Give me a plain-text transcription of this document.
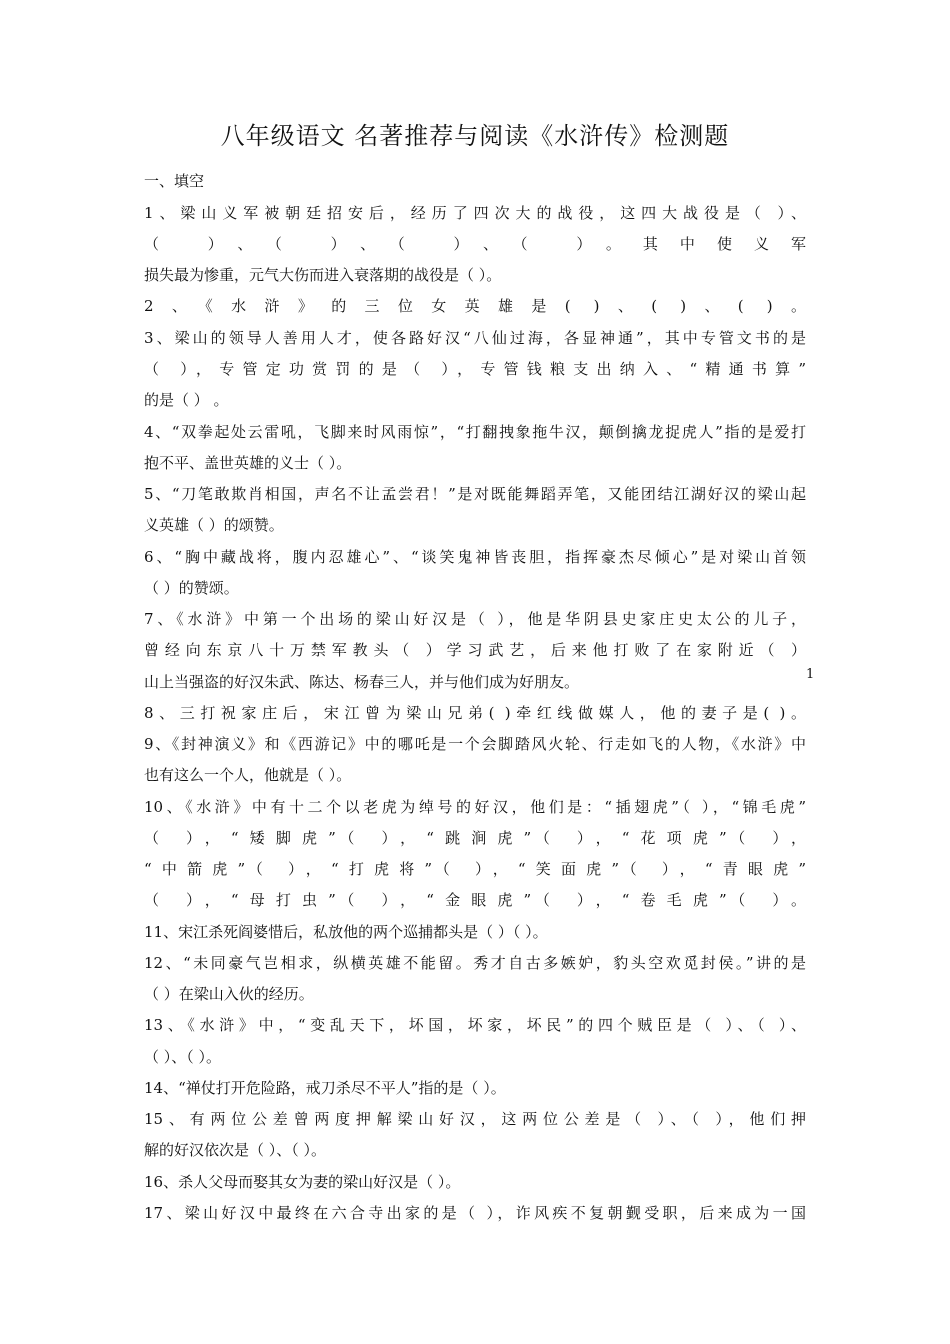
八年级语文 名著推荐与阅读《水浒传》检测题
一、填空
1、梁山义军被朝廷招安后，经历了四次大的战役，这四大战役是（ ）、
（ ）、（ ）、（ ）、（ ）。其中使义军
损失最为惨重，元气大伤而进入衰落期的战役是（ ）。
2、《水浒》的三位女英雄是( )、( )、( )。
3、梁山的领导人善用人才，使各路好汉“八仙过海，各显神通”，其中专管文书的是
（ ），专管定功赏罚的是（ ），专管钱粮支出纳入、“精通书算”
的是（ ） 。
4、“双拳起处云雷吼，飞脚来时风雨惊”，“打翻拽象拖牛汉，颠倒擒龙捉虎人”指的是爱打
抱不平、盖世英雄的义士（ ）。
5、“刀笔敢欺肖相国，声名不让孟尝君！”是对既能舞蹈弄笔，又能团结江湖好汉的梁山起
义英雄（ ）的颂赞。
6、“胸中藏战将，腹内忍雄心”、“谈笑鬼神皆丧胆，指挥豪杰尽倾心”是对梁山首领
（ ）的赞颂。
7、《水浒》中第一个出场的梁山好汉是（ ），他是华阴县史家庄史太公的儿子，
曾经向东京八十万禁军教头（ ）学习武艺，后来他打败了在家附近（ ）
山上当强盗的好汉朱武、陈达、杨春三人，并与他们成为好朋友。	1
8、三打祝家庄后，宋江曾为梁山兄弟( )牵红线做媒人，他的妻子是( )。
9、《封神演义》和《西游记》中的哪吒是一个会脚踏风火轮、行走如飞的人物，《水浒》中
也有这么一个人，他就是（ ）。
10、《水浒》中有十二个以老虎为绰号的好汉，他们是：“插翅虎”（ ），“锦毛虎”
（ ），“矮脚虎”（ ），“跳涧虎”（ ），“花项虎”（ ），
“中箭虎”（ ），“打虎将”（ ），“笑面虎”（ ），“青眼虎”
（ ），“母打虫”（ ），“金眼虎”（ ），“卷毛虎”（ ）。
11、宋江杀死阎婆惜后，私放他的两个巡捕都头是（ ）（ ）。
12、“未同豪气岂相求，纵横英雄不能留。秀才自古多嫉妒，豹头空欢觅封侯。”讲的是
（ ）在梁山入伙的经历。
13、《水浒》中，“变乱天下，坏国，坏家，坏民”的四个贼臣是（ ）、（ ）、
（ ）、（ ）。
14、“禅仗打开危险路，戒刀杀尽不平人”指的是（ ）。
15、有两位公差曾两度押解梁山好汉，这两位公差是（ ）、（ ），他们押
解的好汉依次是（ ）、（ ）。
16、杀人父母而娶其女为妻的梁山好汉是（ ）。
17、梁山好汉中最终在六合寺出家的是（ ），诈风疾不复朝觐受职，后来成为一国
